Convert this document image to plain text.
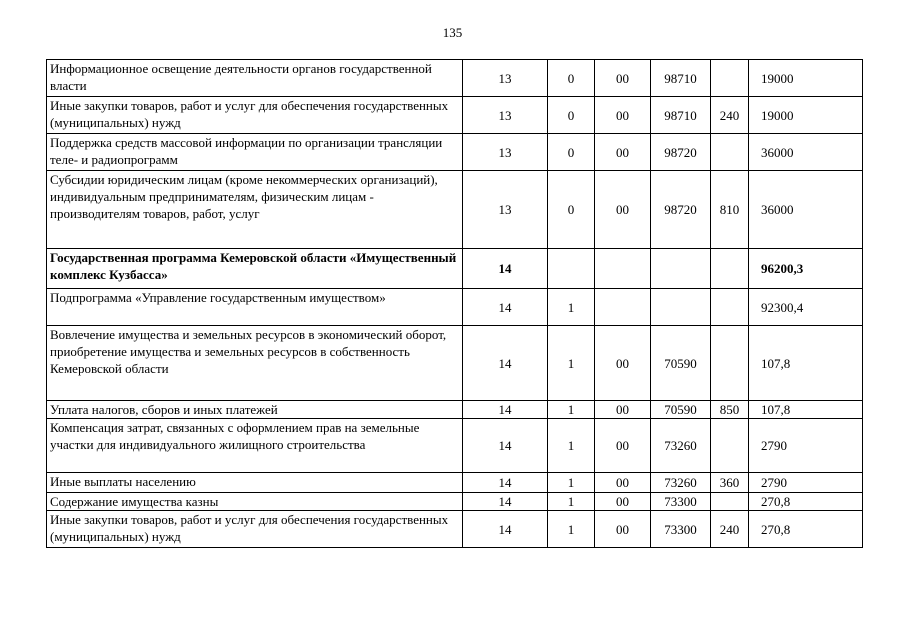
135
Информационное освещение деятельности органов государственной власти	13	0	00	98710		19000
Иные закупки товаров, работ и услуг для обеспечения государственных (муниципальных) нужд	13	0	00	98710	240	19000
Поддержка средств массовой информации по организации трансляции теле- и радиопрограмм	13	0	00	98720		36000
Субсидии юридическим лицам (кроме некоммерческих организаций), индивидуальным предпринимателям, физическим лицам - производителям товаров, работ, услуг	13	0	00	98720	810	36000
Государственная программа Кемеровской области «Имущественный комплекс Кузбасса»	14					96200,3
Подпрограмма «Управление государственным имуществом»	14	1				92300,4
Вовлечение имущества и земельных ресурсов в экономический оборот, приобретение имущества и земельных ресурсов в собственность Кемеровской области	14	1	00	70590		107,8
Уплата налогов, сборов и иных платежей	14	1	00	70590	850	107,8
Компенсация затрат, связанных с оформлением прав на земельные участки для индивидуального жилищного строительства	14	1	00	73260		2790
Иные выплаты населению	14	1	00	73260	360	2790
Содержание имущества казны	14	1	00	73300		270,8
Иные закупки товаров, работ и услуг для обеспечения государственных (муниципальных) нужд	14	1	00	73300	240	270,8
